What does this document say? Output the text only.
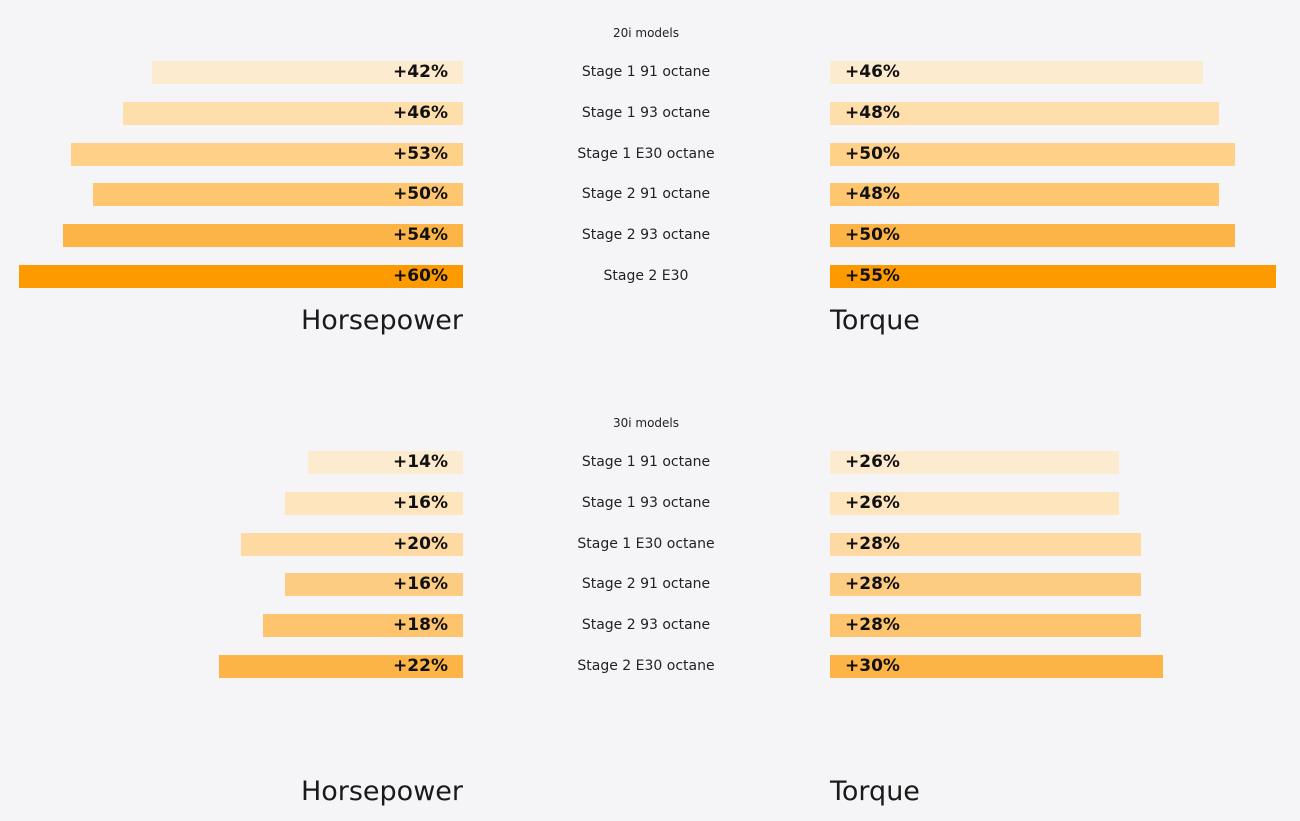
20i models
+42%	Stage 1 91 octane	+46%
+46%	Stage 1 93 octane	+48%
+53%	Stage 1 E30 octane	+50%
+50%	Stage 2 91 octane	+48%
+54%	Stage 2 93 octane	+50%
+60%	Stage 2 E30	+55%
Horsepower	Torque
30i models
+14%	Stage 1 91 octane	+26%
+16%	Stage 1 93 octane	+26%
+20%	Stage 1 E30 octane	+28%
+16%	Stage 2 91 octane	+28%
+18%	Stage 2 93 octane	+28%
+22%	Stage 2 E30 octane	+30%
Horsepower	Torque
